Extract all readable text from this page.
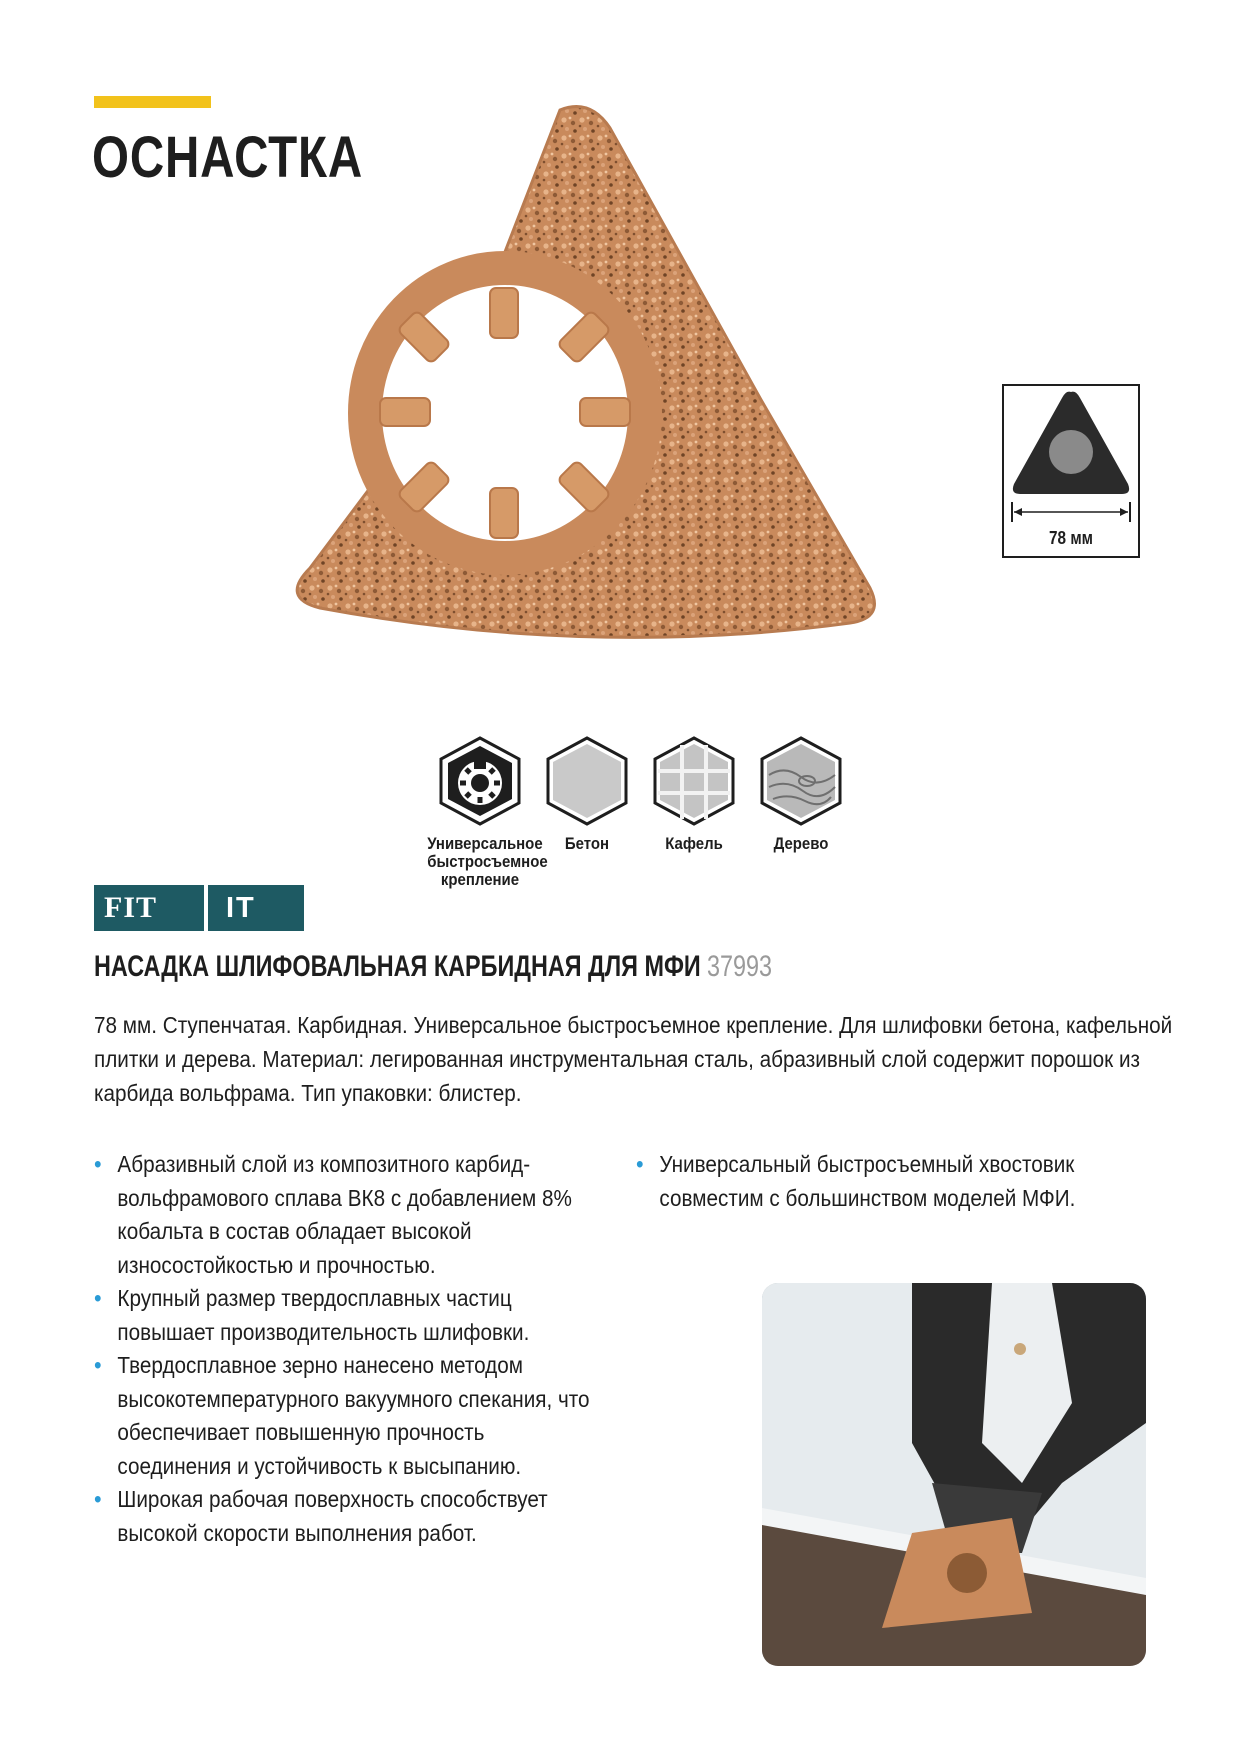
ОСНАСТКА
78 мм
Универсальное быстросъемное крепление
Бетон	Кафель	Дерево
FIT IT
НАСАДКА ШЛИФОВАЛЬНАЯ КАРБИДНАЯ ДЛЯ МФИ 37993

78 мм. Ступенчатая. Карбидная. Универсальное быстросъемное крепление. Для шлифовки бетона, кафельной плитки и дерева. Материал: легированная инструментальная сталь, абразивный слой содержит порошок из карбида вольфрама. Тип упаковки: блистер.

• Абразивный слой из композитного карбид-вольфрамового сплава ВК8 с добавлением 8% кобальта в состав обладает высокой износостойкостью и прочностью.
• Крупный размер твердосплавных частиц повышает производительность шлифовки.
• Твердосплавное зерно нанесено методом высокотемпературного вакуумного спекания, что обеспечивает повышенную прочность соединения и устойчивость к высыпанию.
• Широкая рабочая поверхность способствует высокой скорости выполнения работ.
• Универсальный быстросъемный хвостовик совместим с большинством моделей МФИ.
